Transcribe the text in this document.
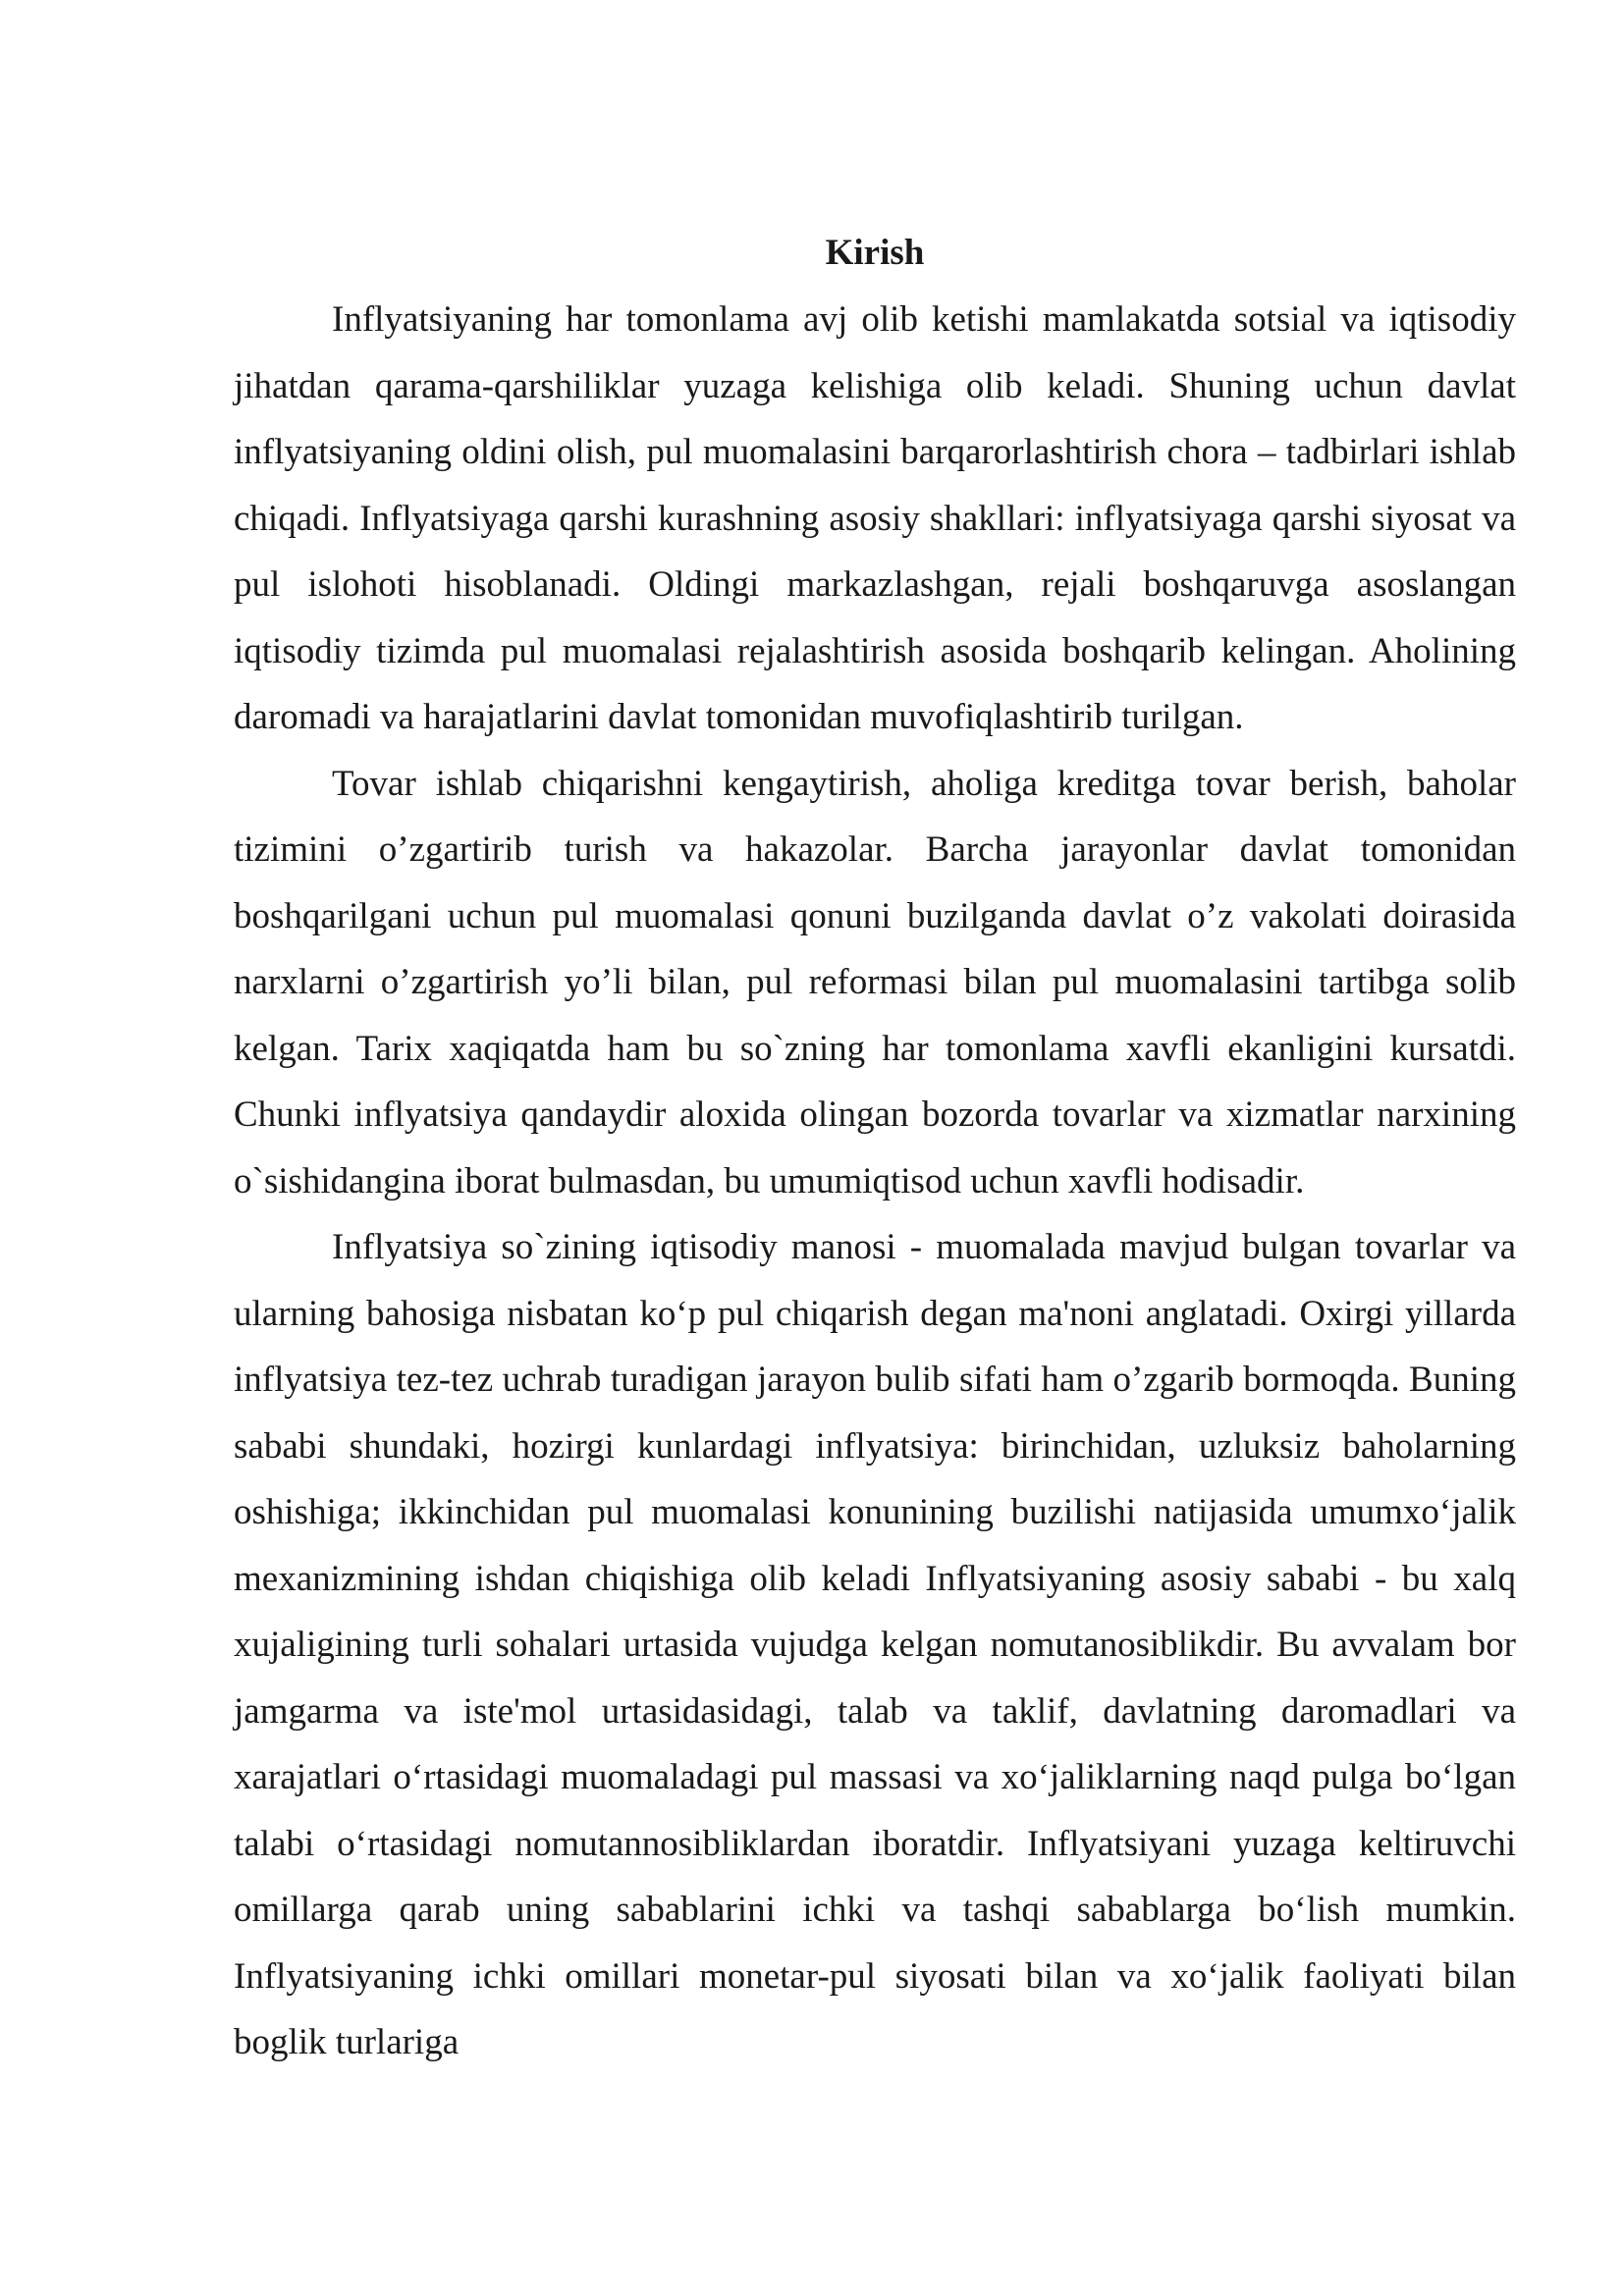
Kirish

Inflyatsiyaning har tomonlama avj olib ketishi mamlakatda sotsial va iqtisodiy jihatdan qarama-qarshiliklar yuzaga kelishiga olib keladi. Shuning uchun davlat inflyatsiyaning oldini olish, pul muomalasini barqarorlashtirish chora – tadbirlari ishlab chiqadi. Inflyatsiyaga qarshi kurashning asosiy shakllari: inflyatsiyaga qarshi siyosat va pul islohoti hisoblanadi. Oldingi markazlashgan, rejali boshqaruvga asoslangan iqtisodiy tizimda pul muomalasi rejalashtirish asosida boshqarib kelingan. Aholining daromadi va harajatlarini davlat tomonidan muvofiqlashtirib turilgan.

Tovar ishlab chiqarishni kengaytirish, aholiga kreditga tovar berish, baholar tizimini o’zgartirib turish va hakazolar. Barcha jarayonlar davlat tomonidan boshqarilgani uchun pul muomalasi qonuni buzilganda davlat o’z vakolati doirasida narxlarni o’zgartirish yo’li bilan, pul reformasi bilan pul muomalasini tartibga solib kelgan. Tarix xaqiqatda ham bu so`zning har tomonlama xavfli ekanligini kursatdi. Chunki inflyatsiya qandaydir aloxida olingan bozorda tovarlar va xizmatlar narxining o`sishidangina iborat bulmasdan, bu umumiqtisod uchun xavfli hodisadir.

Inflyatsiya so`zining iqtisodiy manosi - muomalada mavjud bulgan tovarlar va ularning bahosiga nisbatan ko‘p pul chiqarish degan ma'noni anglatadi. Oxirgi yillarda inflyatsiya tez-tez uchrab turadigan jarayon bulib sifati ham o’zgarib bormoqda. Buning sababi shundaki, hozirgi kunlardagi inflyatsiya: birinchidan, uzluksiz baholarning oshishiga; ikkinchidan pul muomalasi konunining buzilishi natijasida umumxo‘jalik mexanizmining ishdan chiqishiga olib keladi Inflyatsiyaning asosiy sababi - bu xalq xujaligining turli sohalari urtasida vujudga kelgan nomutanosiblikdir. Bu avvalam bor jamgarma va iste'mol urtasidasidagi, talab va taklif, davlatning daromadlari va xarajatlari o‘rtasidagi muomaladagi pul massasi va xo‘jaliklarning naqd pulga bo‘lgan talabi o‘rtasidagi nomutannosibliklardan iboratdir. Inflyatsiyani yuzaga keltiruvchi omillarga qarab uning sabablarini ichki va tashqi sabablarga bo‘lish mumkin. Inflyatsiyaning ichki omillari monetar-pul siyosati bilan va xo‘jalik faoliyati bilan boglik turlariga
